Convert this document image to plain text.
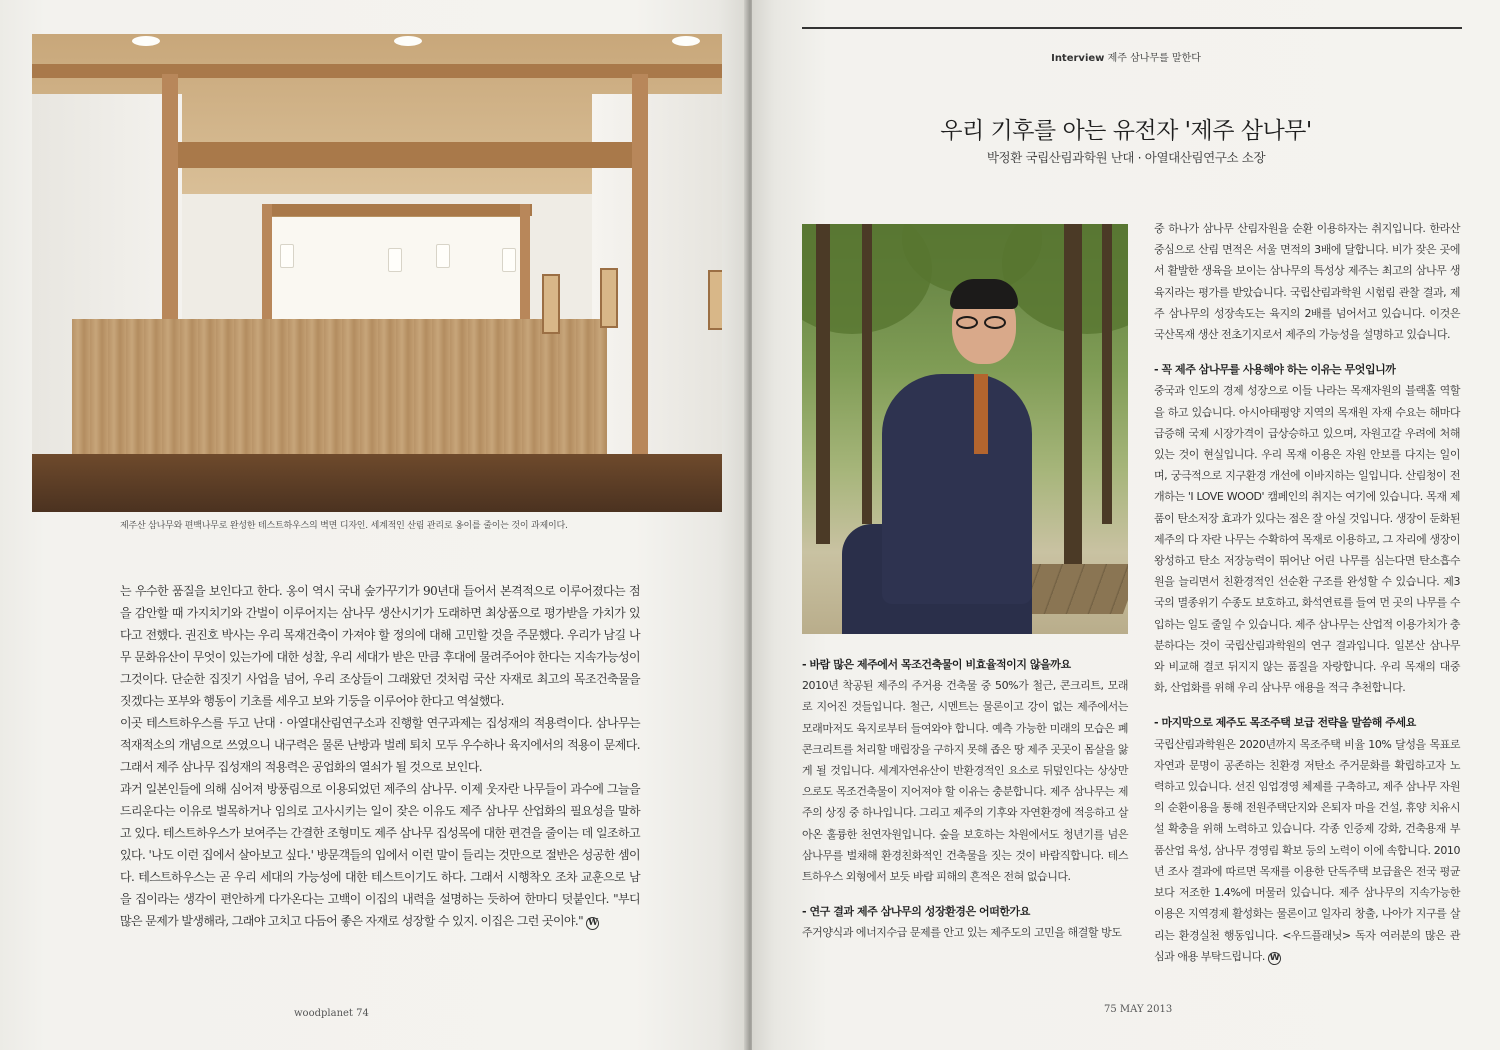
제주산 삼나무와 편백나무로 완성한 테스트하우스의 벽면 디자인. 세계적인 산림 관리로 옹이를 줄이는 것이 과제이다.

는 우수한 품질을 보인다고 한다. 옹이 역시 국내 숲가꾸기가 90년대 들어서 본격적으로 이루어졌다는 점을 감안할 때 가지치기와 간벌이 이루어지는 삼나무 생산시기가 도래하면 최상품으로 평가받을 가치가 있다고 전했다. 권진호 박사는 우리 목재건축이 가져야 할 정의에 대해 고민할 것을 주문했다. 우리가 남길 나무 문화유산이 무엇이 있는가에 대한 성찰, 우리 세대가 받은 만큼 후대에 물려주어야 한다는 지속가능성이 그것이다. 단순한 집짓기 사업을 넘어, 우리 조상들이 그래왔던 것처럼 국산 자재로 최고의 목조건축물을 짓겠다는 포부와 행동이 기초를 세우고 보와 기둥을 이루어야 한다고 역설했다.

이곳 테스트하우스를 두고 난대 · 아열대산림연구소과 진행할 연구과제는 집성재의 적용력이다. 삼나무는 적재적소의 개념으로 쓰였으니 내구력은 물론 난방과 벌레 퇴치 모두 우수하나 육지에서의 적용이 문제다. 그래서 제주 삼나무 집성재의 적용력은 공업화의 열쇠가 될 것으로 보인다.

과거 일본인들에 의해 심어져 방풍림으로 이용되었던 제주의 삼나무. 이제 웃자란 나무들이 과수에 그늘을 드리운다는 이유로 벌목하거나 임의로 고사시키는 일이 잦은 이유도 제주 삼나무 산업화의 필요성을 말하고 있다. 테스트하우스가 보여주는 간결한 조형미도 제주 삼나무 집성목에 대한 편견을 줄이는 데 일조하고 있다. '나도 이런 집에서 살아보고 싶다.' 방문객들의 입에서 이런 말이 들리는 것만으로 절반은 성공한 셈이다. 테스트하우스는 곧 우리 세대의 가능성에 대한 테스트이기도 하다. 그래서 시행착오 조차 교훈으로 남을 집이라는 생각이 편안하게 다가온다는 고백이 이집의 내력을 설명하는 듯하여 한마디 덧붙인다. "부디 많은 문제가 발생해라, 그래야 고치고 다듬어 좋은 자재로 성장할 수 있지. 이집은 그런 곳이야." W

woodplanet 74
Interview 제주 삼나무를 말한다
우리 기후를 아는 유전자 '제주 삼나무'
박정환 국립산림과학원 난대 · 아열대산림연구소 소장

- 바람 많은 제주에서 목조건축물이 비효율적이지 않을까요

2010년 착공된 제주의 주거용 건축물 중 50%가 철근, 콘크리트, 모래로 지어진 것들입니다. 철근, 시멘트는 물론이고 강이 없는 제주에서는 모래마저도 육지로부터 들여와야 합니다. 예측 가능한 미래의 모습은 폐콘크리트를 처리할 매립장을 구하지 못해 좁은 땅 제주 곳곳이 몸살을 앓게 될 것입니다. 세계자연유산이 반환경적인 요소로 뒤덮인다는 상상만으로도 목조건축물이 지어져야 할 이유는 충분합니다. 제주 삼나무는 제주의 상징 중 하나입니다. 그리고 제주의 기후와 자연환경에 적응하고 살아온 훌륭한 천연자원입니다. 숲을 보호하는 차원에서도 청년기를 넘은 삼나무를 벌채해 환경친화적인 건축물을 짓는 것이 바람직합니다. 테스트하우스 외형에서 보듯 바람 피해의 흔적은 전혀 없습니다.

- 연구 결과 제주 삼나무의 성장환경은 어떠한가요

주거양식과 에너지수급 문제를 안고 있는 제주도의 고민을 해결할 방도

중 하나가 삼나무 산림자원을 순환 이용하자는 취지입니다. 한라산 중심으로 산림 면적은 서울 면적의 3배에 달합니다. 비가 잦은 곳에서 활발한 생육을 보이는 삼나무의 특성상 제주는 최고의 삼나무 생육지라는 평가를 받았습니다. 국립산림과학원 시험림 관찰 결과, 제주 삼나무의 성장속도는 육지의 2배를 넘어서고 있습니다. 이것은 국산목재 생산 전초기지로서 제주의 가능성을 설명하고 있습니다.

- 꼭 제주 삼나무를 사용해야 하는 이유는 무엇입니까

중국과 인도의 경제 성장으로 이들 나라는 목재자원의 블랙홀 역할을 하고 있습니다. 아시아태평양 지역의 목재원 자재 수요는 해마다 급증해 국제 시장가격이 급상승하고 있으며, 자원고갈 우려에 처해 있는 것이 현실입니다. 우리 목재 이용은 자원 안보를 다지는 일이며, 궁극적으로 지구환경 개선에 이바지하는 일입니다. 산림청이 전개하는 'I LOVE WOOD' 캠페인의 취지는 여기에 있습니다. 목재 제품이 탄소저장 효과가 있다는 점은 잘 아실 것입니다. 생장이 둔화된 제주의 다 자란 나무는 수확하여 목재로 이용하고, 그 자리에 생장이 왕성하고 탄소 저장능력이 뛰어난 어린 나무를 심는다면 탄소흡수원을 늘리면서 친환경적인 선순환 구조를 완성할 수 있습니다. 제3국의 멸종위기 수종도 보호하고, 화석연료를 들여 먼 곳의 나무를 수입하는 일도 줄일 수 있습니다. 제주 삼나무는 산업적 이용가치가 충분하다는 것이 국립산림과학원의 연구 결과입니다. 일본산 삼나무와 비교해 결코 뒤지지 않는 품질을 자랑합니다. 우리 목재의 대중화, 산업화를 위해 우리 삼나무 애용을 적극 추천합니다.

- 마지막으로 제주도 목조주택 보급 전략을 말씀해 주세요

국립산림과학원은 2020년까지 목조주택 비율 10% 달성을 목표로 자연과 문명이 공존하는 친환경 저탄소 주거문화를 확립하고자 노력하고 있습니다. 선진 임업경영 체제를 구축하고, 제주 삼나무 자원의 순환이용을 통해 전원주택단지와 은퇴자 마을 건설, 휴양 치유시설 확충을 위해 노력하고 있습니다. 각종 인증제 강화, 건축용재 부품산업 육성, 삼나무 경영림 확보 등의 노력이 이에 속합니다. 2010년 조사 결과에 따르면 목재를 이용한 단독주택 보급율은 전국 평균보다 저조한 1.4%에 머물러 있습니다. 제주 삼나무의 지속가능한 이용은 지역경제 활성화는 물론이고 일자리 창출, 나아가 지구를 살리는 환경실천 행동입니다. <우드플래닛> 독자 여러분의 많은 관심과 애용 부탁드립니다. W

75 MAY 2013
